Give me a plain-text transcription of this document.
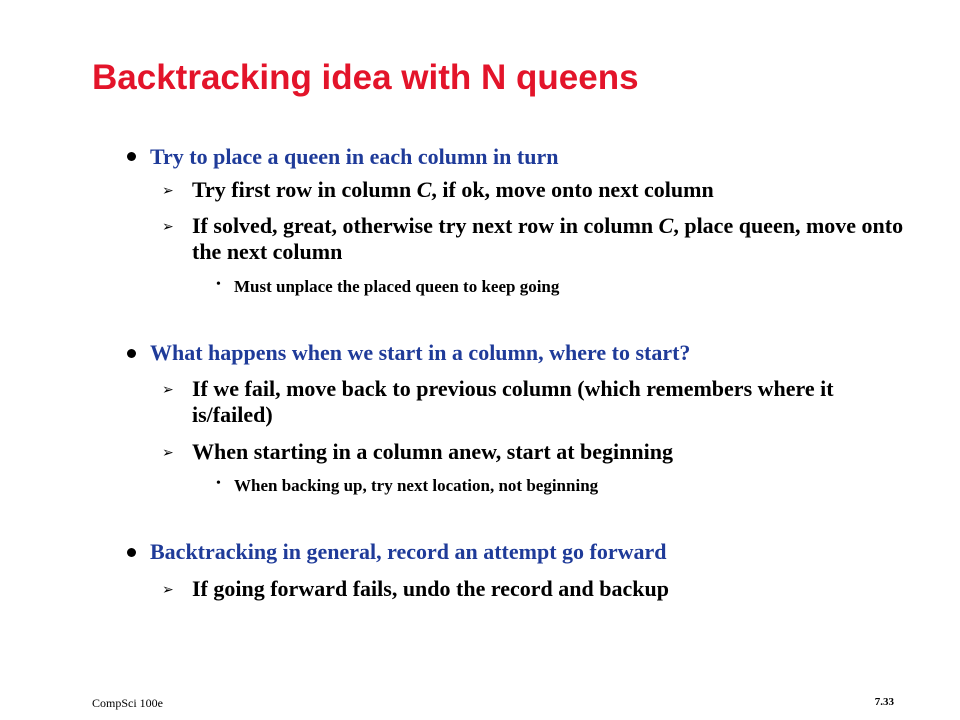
Backtracking idea with N queens
Try to place a queen in each column in turn
➢ Try first row in column C, if ok, move onto next column
➢ If solved, great, otherwise try next row in column C, place queen, move onto the next column
• Must unplace the placed queen to keep going
What happens when we start in a column, where to start?
➢ If we fail, move back to previous column (which remembers where it is/failed)
➢ When starting in a column anew, start at beginning
• When backing up, try next location, not beginning
Backtracking in general, record an attempt go forward
➢ If going forward fails, undo the record and backup
CompSci 100e	7.33
